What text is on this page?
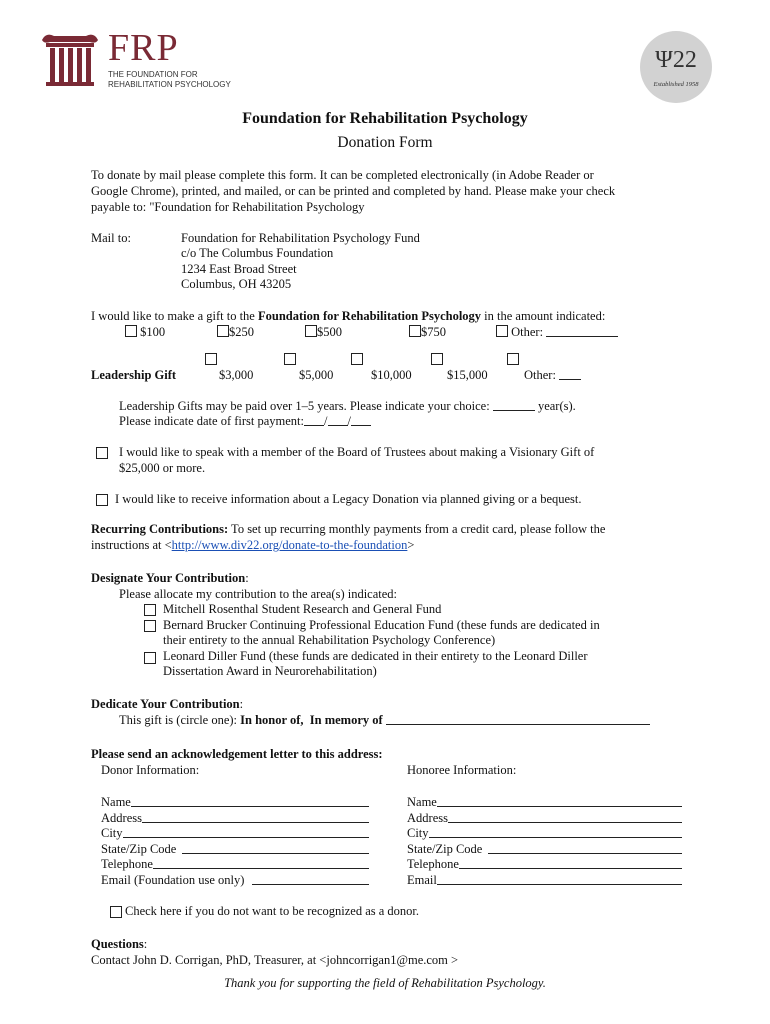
FRP
THE FOUNDATION FOR
REHABILITATION PSYCHOLOGY
Ψ22
Established 1958
Foundation for Rehabilitation Psychology
Donation Form
To donate by mail please complete this form. It can be completed electronically (in Adobe Reader or
Google Chrome), printed, and mailed, or can be printed and completed by hand. Please make your check
payable to: "Foundation for Rehabilitation Psychology
Mail to:	Foundation for Rehabilitation Psychology Fund
c/o The Columbus Foundation
1234 East Broad Street
Columbus, OH 43205
I would like to make a gift to the Foundation for Rehabilitation Psychology in the amount indicated:
$100	$250	$500	$750	Other:
Leadership Gift	$3,000	$5,000	$10,000	$15,000	Other:
Leadership Gifts may be paid over 1–5 years. Please indicate your choice:	year(s).
Please indicate date of first payment: / /
I would like to speak with a member of the Board of Trustees about making a Visionary Gift of
$25,000 or more.
I would like to receive information about a Legacy Donation via planned giving or a bequest.
Recurring Contributions: To set up recurring monthly payments from a credit card, please follow the
instructions at <http://www.div22.org/donate-to-the-foundation>
Designate Your Contribution:
Please allocate my contribution to the area(s) indicated:
Mitchell Rosenthal Student Research and General Fund
Bernard Brucker Continuing Professional Education Fund (these funds are dedicated in
their entirety to the annual Rehabilitation Psychology Conference)
Leonard Diller Fund (these funds are dedicated in their entirety to the Leonard Diller
Dissertation Award in Neurorehabilitation)
Dedicate Your Contribution:
This gift is (circle one): In honor of, In memory of
Please send an acknowledgement letter to this address:
Donor Information:	Honoree Information:
Name
Address
City
State/Zip Code
Telephone
Email (Foundation use only)
Name
Address
City
State/Zip Code
Telephone
Email
Check here if you do not want to be recognized as a donor.
Questions:
Contact John D. Corrigan, PhD, Treasurer, at <johncorrigan1@me.com >
Thank you for supporting the field of Rehabilitation Psychology.
